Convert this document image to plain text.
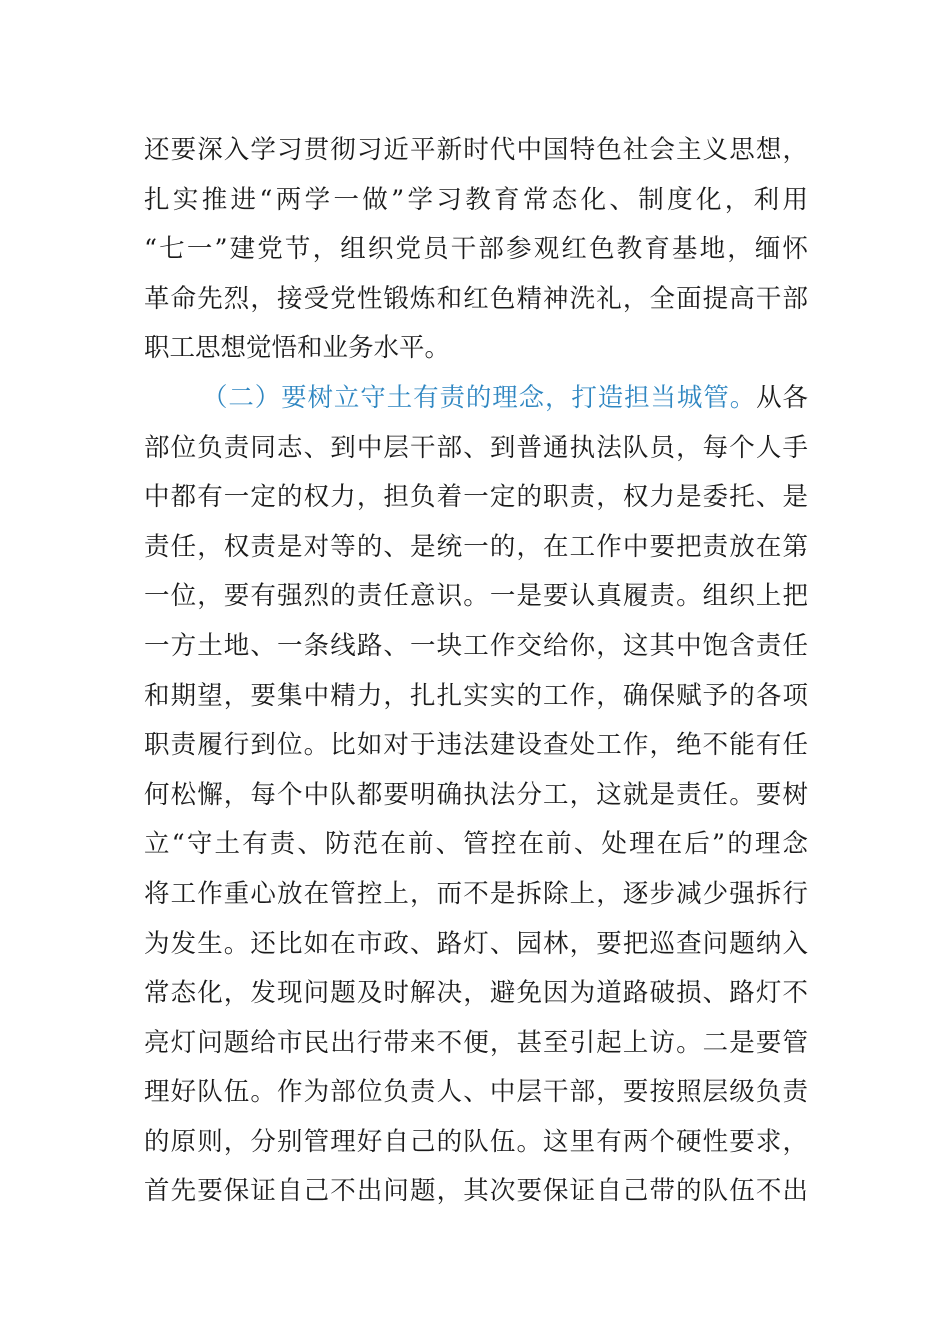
还要深入学习贯彻习近平新时代中国特色社会主义思想，
扎实推进“两学一做”学习教育常态化、制度化，利用
“七一”建党节，组织党员干部参观红色教育基地，缅怀
革命先烈，接受党性锻炼和红色精神洗礼，全面提高干部
职工思想觉悟和业务水平。
（二）要树立守土有责的理念，打造担当城管。从各
部位负责同志、到中层干部、到普通执法队员，每个人手
中都有一定的权力，担负着一定的职责，权力是委托、是
责任，权责是对等的、是统一的，在工作中要把责放在第
一位，要有强烈的责任意识。一是要认真履责。组织上把
一方土地、一条线路、一块工作交给你，这其中饱含责任
和期望，要集中精力，扎扎实实的工作，确保赋予的各项
职责履行到位。比如对于违法建设查处工作，绝不能有任
何松懈，每个中队都要明确执法分工，这就是责任。要树
立“守土有责、防范在前、管控在前、处理在后”的理念
将工作重心放在管控上，而不是拆除上，逐步减少强拆行
为发生。还比如在市政、路灯、园林，要把巡查问题纳入
常态化，发现问题及时解决，避免因为道路破损、路灯不
亮灯问题给市民出行带来不便，甚至引起上访。二是要管
理好队伍。作为部位负责人、中层干部，要按照层级负责
的原则，分别管理好自己的队伍。这里有两个硬性要求，
首先要保证自己不出问题，其次要保证自己带的队伍不出
